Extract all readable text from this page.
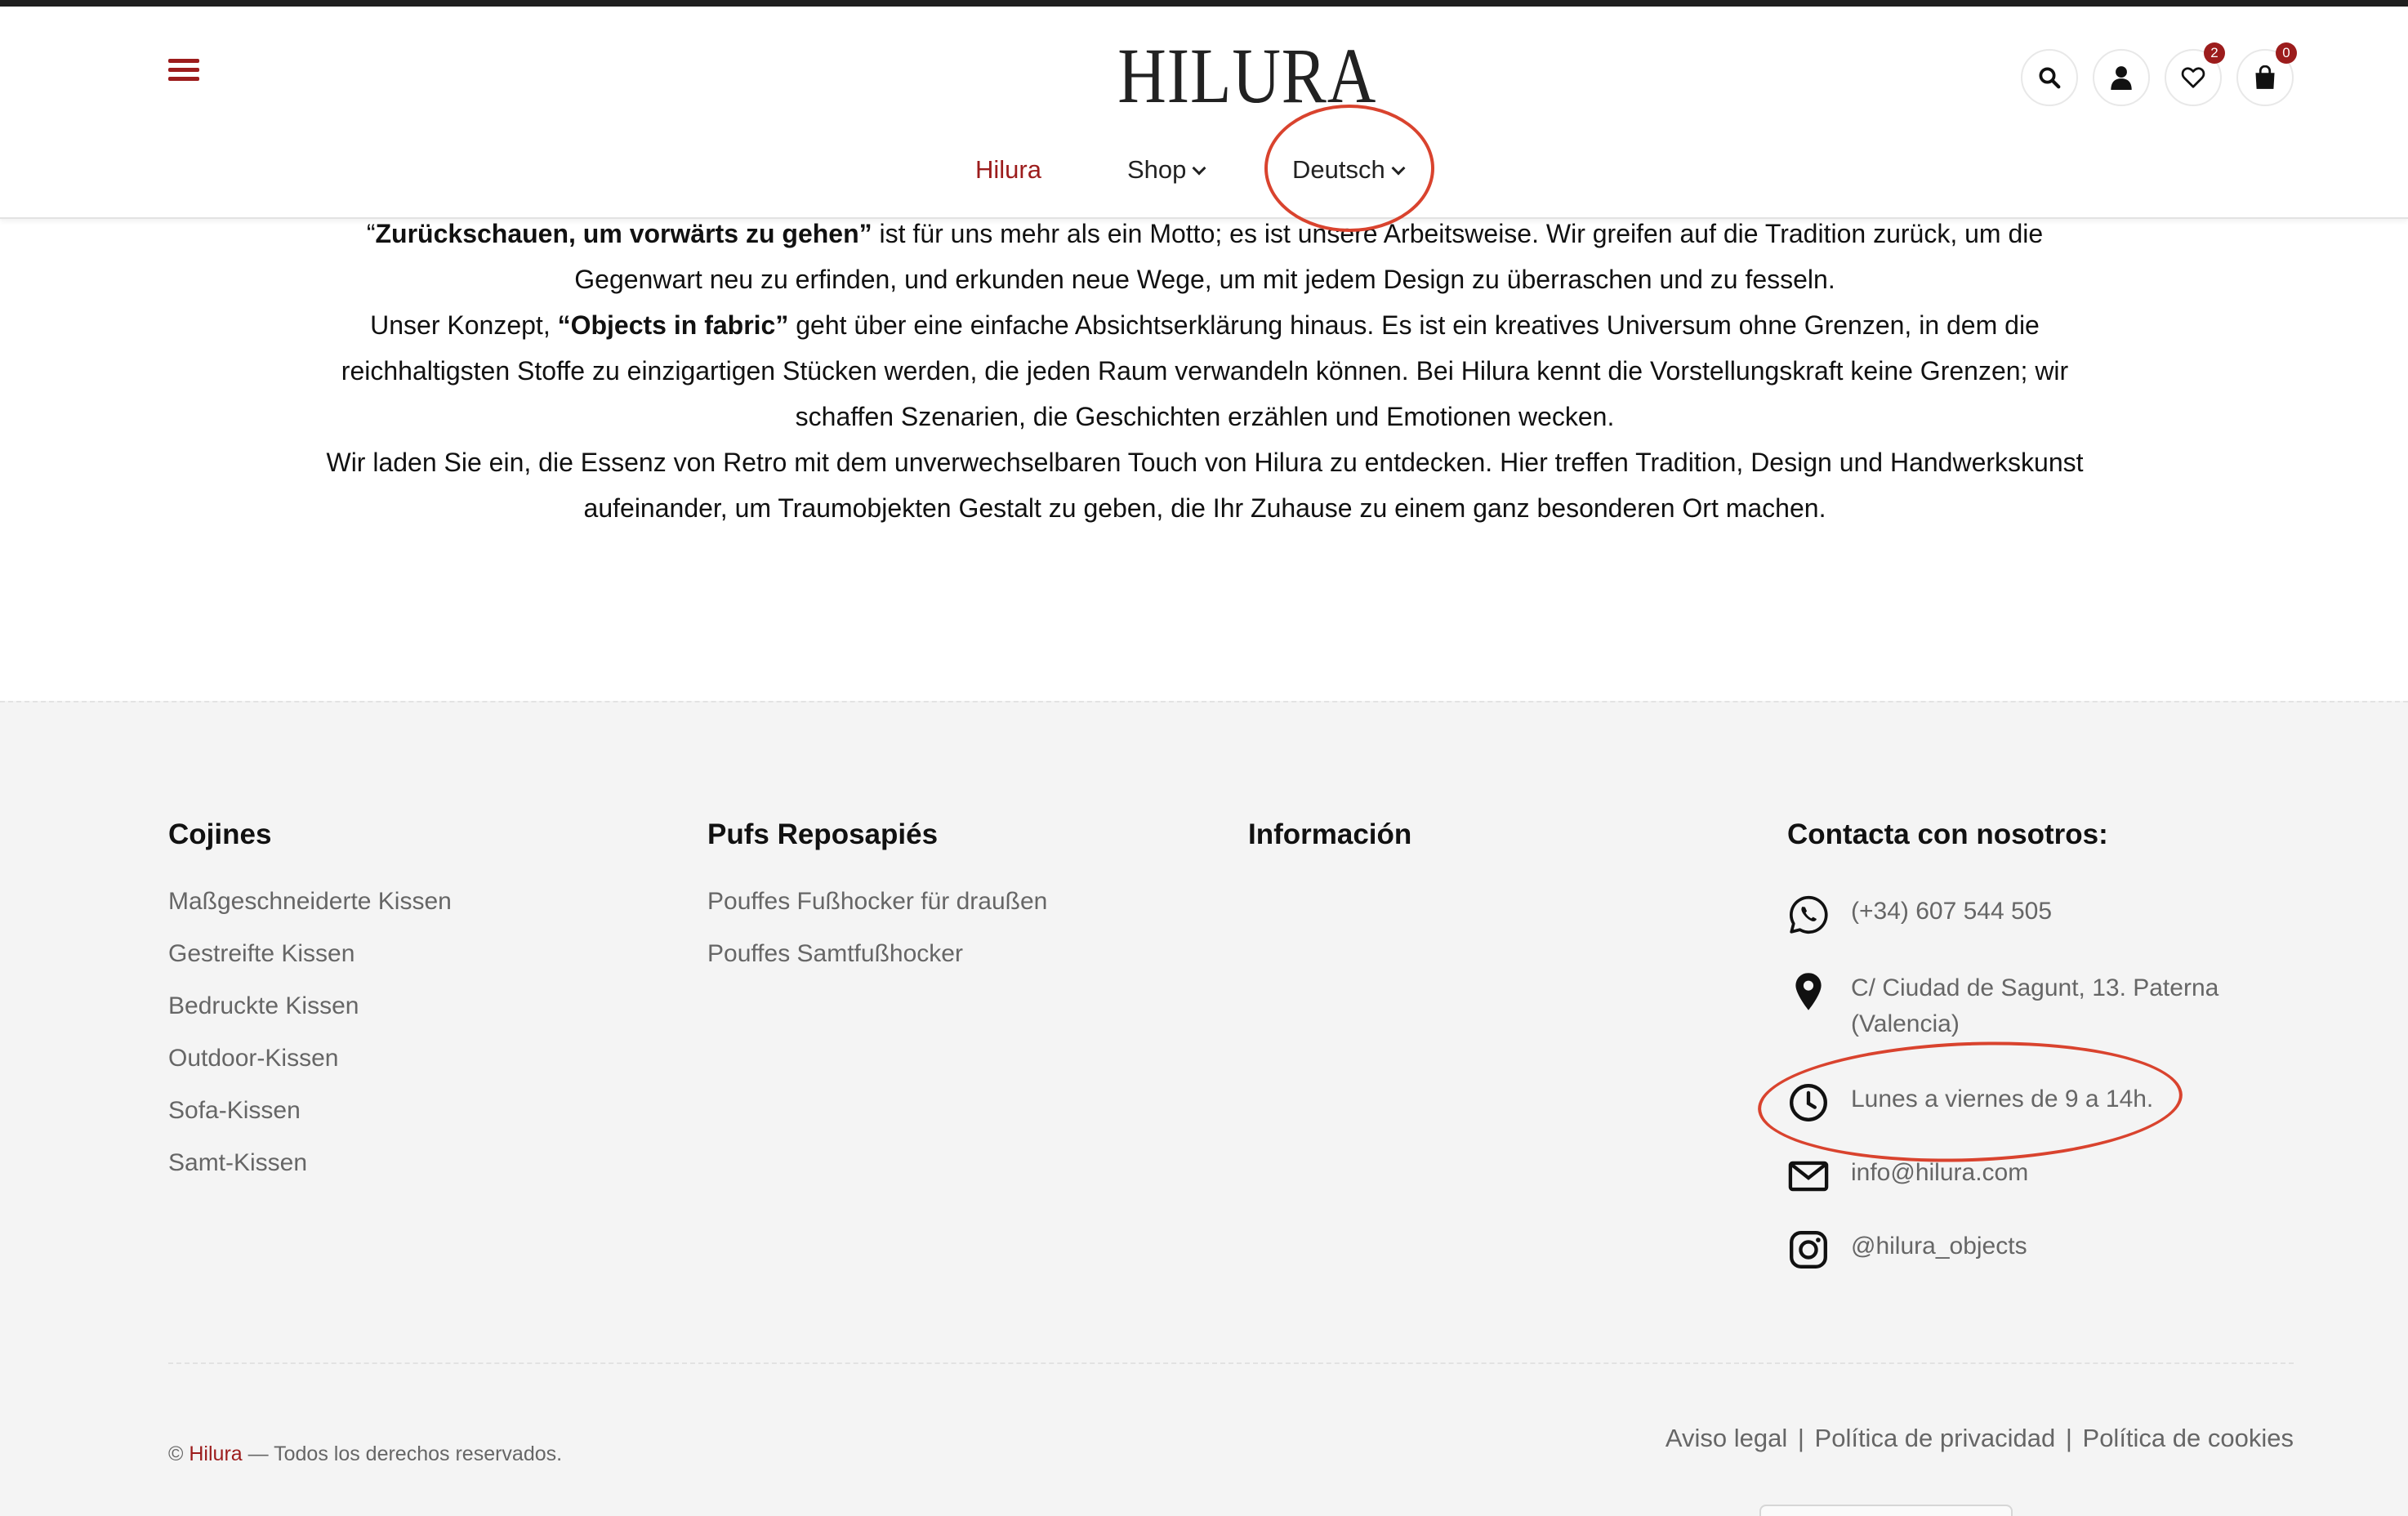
HILURA
Hilura	Shop	Deutsch
2	0

“Zurückschauen, um vorwärts zu gehen” ist für uns mehr als ein Motto; es ist unsere Arbeitsweise. Wir greifen auf die Tradition zurück, um die Gegenwart neu zu erfinden, und erkunden neue Wege, um mit jedem Design zu überraschen und zu fesseln.

Unser Konzept, “Objects in fabric” geht über eine einfache Absichtserklärung hinaus. Es ist ein kreatives Universum ohne Grenzen, in dem die reichhaltigsten Stoffe zu einzigartigen Stücken werden, die jeden Raum verwandeln können. Bei Hilura kennt die Vorstellungskraft keine Grenzen; wir schaffen Szenarien, die Geschichten erzählen und Emotionen wecken.

Wir laden Sie ein, die Essenz von Retro mit dem unverwechselbaren Touch von Hilura zu entdecken. Hier treffen Tradition, Design und Handwerkskunst aufeinander, um Traumobjekten Gestalt zu geben, die Ihr Zuhause zu einem ganz besonderen Ort machen.

Cojines
Maßgeschneiderte Kissen
Gestreifte Kissen
Bedruckte Kissen
Outdoor-Kissen
Sofa-Kissen
Samt-Kissen
Pufs Reposapiés
Pouffes Fußhocker für draußen
Pouffes Samtfußhocker
Información	Contacta con nosotros:
(+34) 607 544 505
C/ Ciudad de Sagunt, 13. Paterna
(Valencia)
Lunes a viernes de 9 a 14h.
info@hilura.com
@hilura_objects
© Hilura — Todos los derechos reservados.
Aviso legal | Política de privacidad | Política de cookies
